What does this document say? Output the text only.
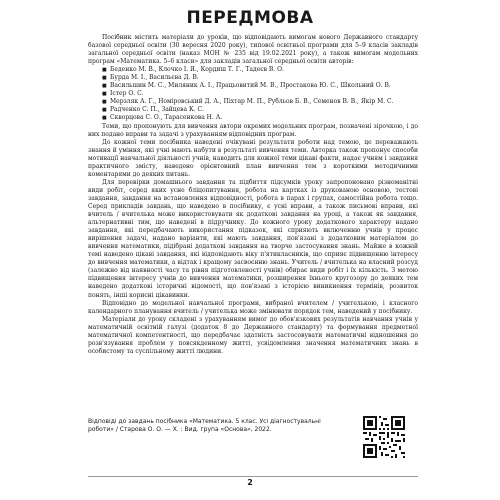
ПЕРЕДМОВА

Посібник містить матеріали до уроків, що відповідають вимогам нового Державного стандарту базової середньої освіти (30 вересня 2020 року), типової освітньої програми для 5–9 класів закладів загальної середньої освіти (наказ МОН № 235 від 19.02.2021 року), а також вимогам модельних програм «Математика. 5–6 класи» для закладів загальної середньої освіти авторів:

■ Беденко М. В., Клочко І. Я., Кордиш Т. Г., Тадеєв В. О.
■ Бурда М. І., Васильєва Д. В.
■ Васильшин М. С., Миляник А. І., Працьовитий М. В., Простакова Ю. С., Школьний О. В.
■ Істер О. С.
■ Мерзляк А. Г., Номіровський Д. А., Піхтар М. П., Рубльов Б. В., Семенов В. В., Якір М. С.
■ Радченко С. П., Зайцева К. С.
■ Скворцова С. О., Тарасенкова Н. А.

Теми, що пропонують для вивчення автори окремих модельних програм, позначені зірочкою, і до них подано вправи та задачі з урахуванням відповідних програм.

До кожної теми посібника наведені очікувані результати роботи над темою, це переважають знання й уміння, які учні мають набути в результаті вивчення теми. Авторка також пропонує способи мотивації навчальної діяльності учнів, наводить для кожної теми цікаві факти, надає учням і завдання практичного змісту, наведено орієнтовний план вивчення тем з короткими методичними коментарями до деяких питань.

Для перевірки домашнього завдання та підбиття підсумків уроку запропоновано різноманітні види робіт, серед яких усне бліцопитування, робота на картках із друкованою основою, тестові завдання, завдання на встановлення відповідності, робота в парах і групах, самостійна робота тощо. Серед прикладів завдань, що наведено в посібнику, є усні вправи, а також письмові вправи, які вчитель / вчителька може використовувати як додаткові завдання на уроці, а також як завдання, альтернативні тим, що наведені в підручнику. До кожного уроку додаткового характеру надано завдання, які передбачають використання підказок, які сприяють включенню учнів у процес вирішення задачі, надано варіанти, які мають завдання, пов'язані з додатковим матеріалом до вивчення математики, підібрані додаткові завдання на творче застосування знань. Майже в кожній темі наведено цікаві завдання, які відповідають віку п'ятикласників, що сприяє підвищенню інтересу до вивчення математики, а відтак і кращому засвоєнню знань. Учитель / вчителька на власний розсуд (залежно від наявності часу та рівня підготовленості учнів) обирає види робіт і їх кількість. З метою підвищення інтересу учнів до вивчення математики, розширення їхнього кругозору до деяких тем наведено додаткові історичні відомості, що пов'язані з історією виникнення термінів, розвиток понять, інші корисні цікавинки.

Відповідно до модельної навчальної програми, вибраної вчителем / учителькою, і класного календарного планування вчитель / учителька може змінювати порядок тем, наведений у посібнику.

Матеріали до уроку складені з урахуванням вимог до обов'язкових результатів навчання учнів у математичній освітній галузі (додаток 8 до Державного стандарту) та формування предметної математичної компетентності, що передбачає здатність застосовувати математичні відношення до розв'язування проблем у повсякденному житті, усвідомлення значення математичних знань в особистому та суспільному житті людини.

Відповіді до завдань посібника «Математика. 5 клас. Усі діагностувальні роботи» / Старова О. О. — Х. : Вид. група «Основа», 2022.
2
